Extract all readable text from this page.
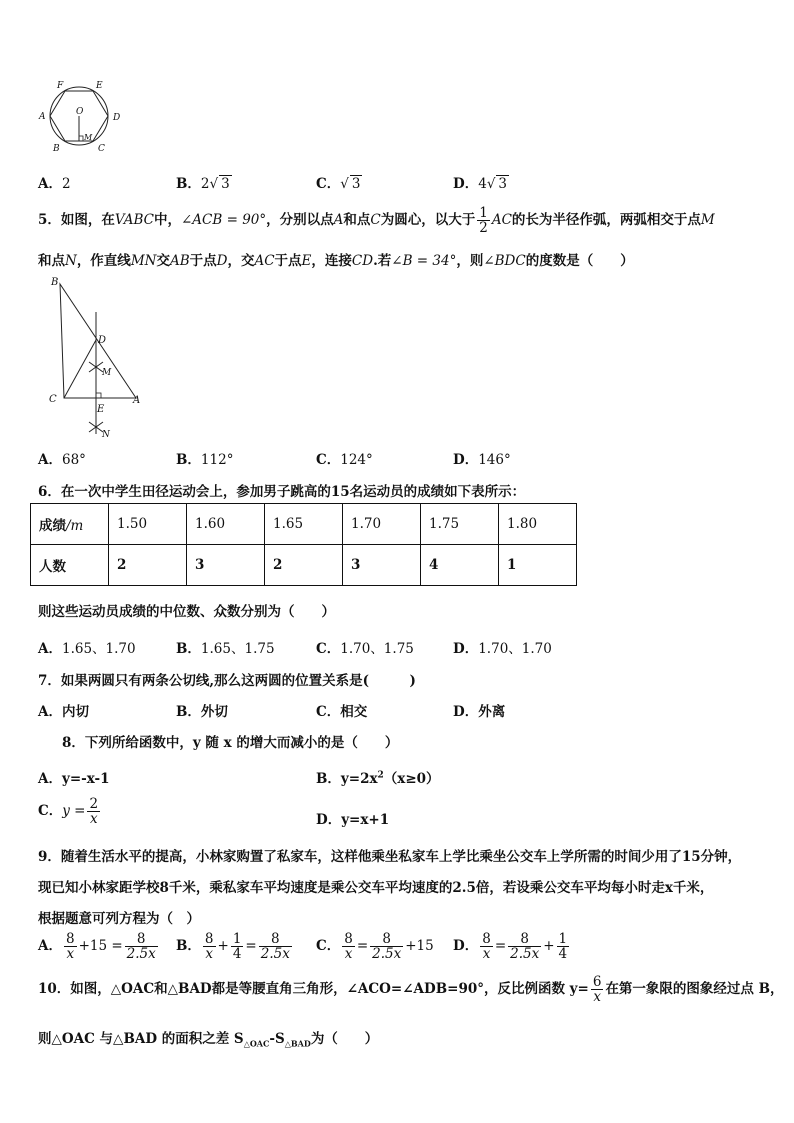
F	E
A	D
O
M
B	C
A．2	B．2√ 3	C．√ 3	D．4√ 3
5．如图，在VABC中，∠ACB = 90°，分别以点A和点C为圆心，以大于 $\frac{1}{2}$ AC的长为半径作弧，两弧相交于点M
和点N，作直线MN交AB于点D，交AC于点E，连接CD.若∠B = 34°，则∠BDC的度数是（　　）
B
D
M
C
E
A
N
A．68°	B．112°	C．124°	D．146°
6．在一次中学生田径运动会上，参加男子跳高的15名运动员的成绩如下表所示：
成绩/m	1.50	1.60	1.65	1.70	1.75	1.80
人数	2	3	2	3	4	1
则这些运动员成绩的中位数、众数分别为（　　）
A．1.65、1.70	B．1.65、1.75	C．1.70、1.75	D．1.70、1.70
7．如果两圆只有两条公切线,那么这两圆的位置关系是(　　　)
A．内切	B．外切	C．相交	D．外离
8．下列所给函数中，y 随 x 的增大而减小的是（　　）
A．y=-x-1	B．$y=2x^2(x\ge 0)$
C．$y = \frac{2}{x}$	D．y=x+1
9．随着生活水平的提高，小林家购置了私家车，这样他乘坐私家车上学比乘坐公交车上学所需的时间少用了15分钟，
现已知小林家距学校8千米，乘私家车平均速度是乘公交车平均速度的2.5倍，若设乘公交车平均每小时走x千米，
根据题意可列方程为（　）
A． $\frac{8}{x} +15 = \frac{8}{2.5x}$ B． $\frac{8}{x} + \frac{1}{4} = \frac{8}{2.5x}$ C． $\frac{8}{x} = \frac{8}{2.5x} +15$ D． $\frac{8}{x} = \frac{8}{2.5x} + \frac{1}{4}$
10．如图，△OAC和△BAD都是等腰直角三角形，∠ACO=∠ADB=90°，反比例函数 $y= \frac{6}{x}$ 在第一象限的图象经过点 B，
则△OAC 与△BAD 的面积之差 $S_{\triangle OAC}-S_{\triangle BAD}$为（　　）
